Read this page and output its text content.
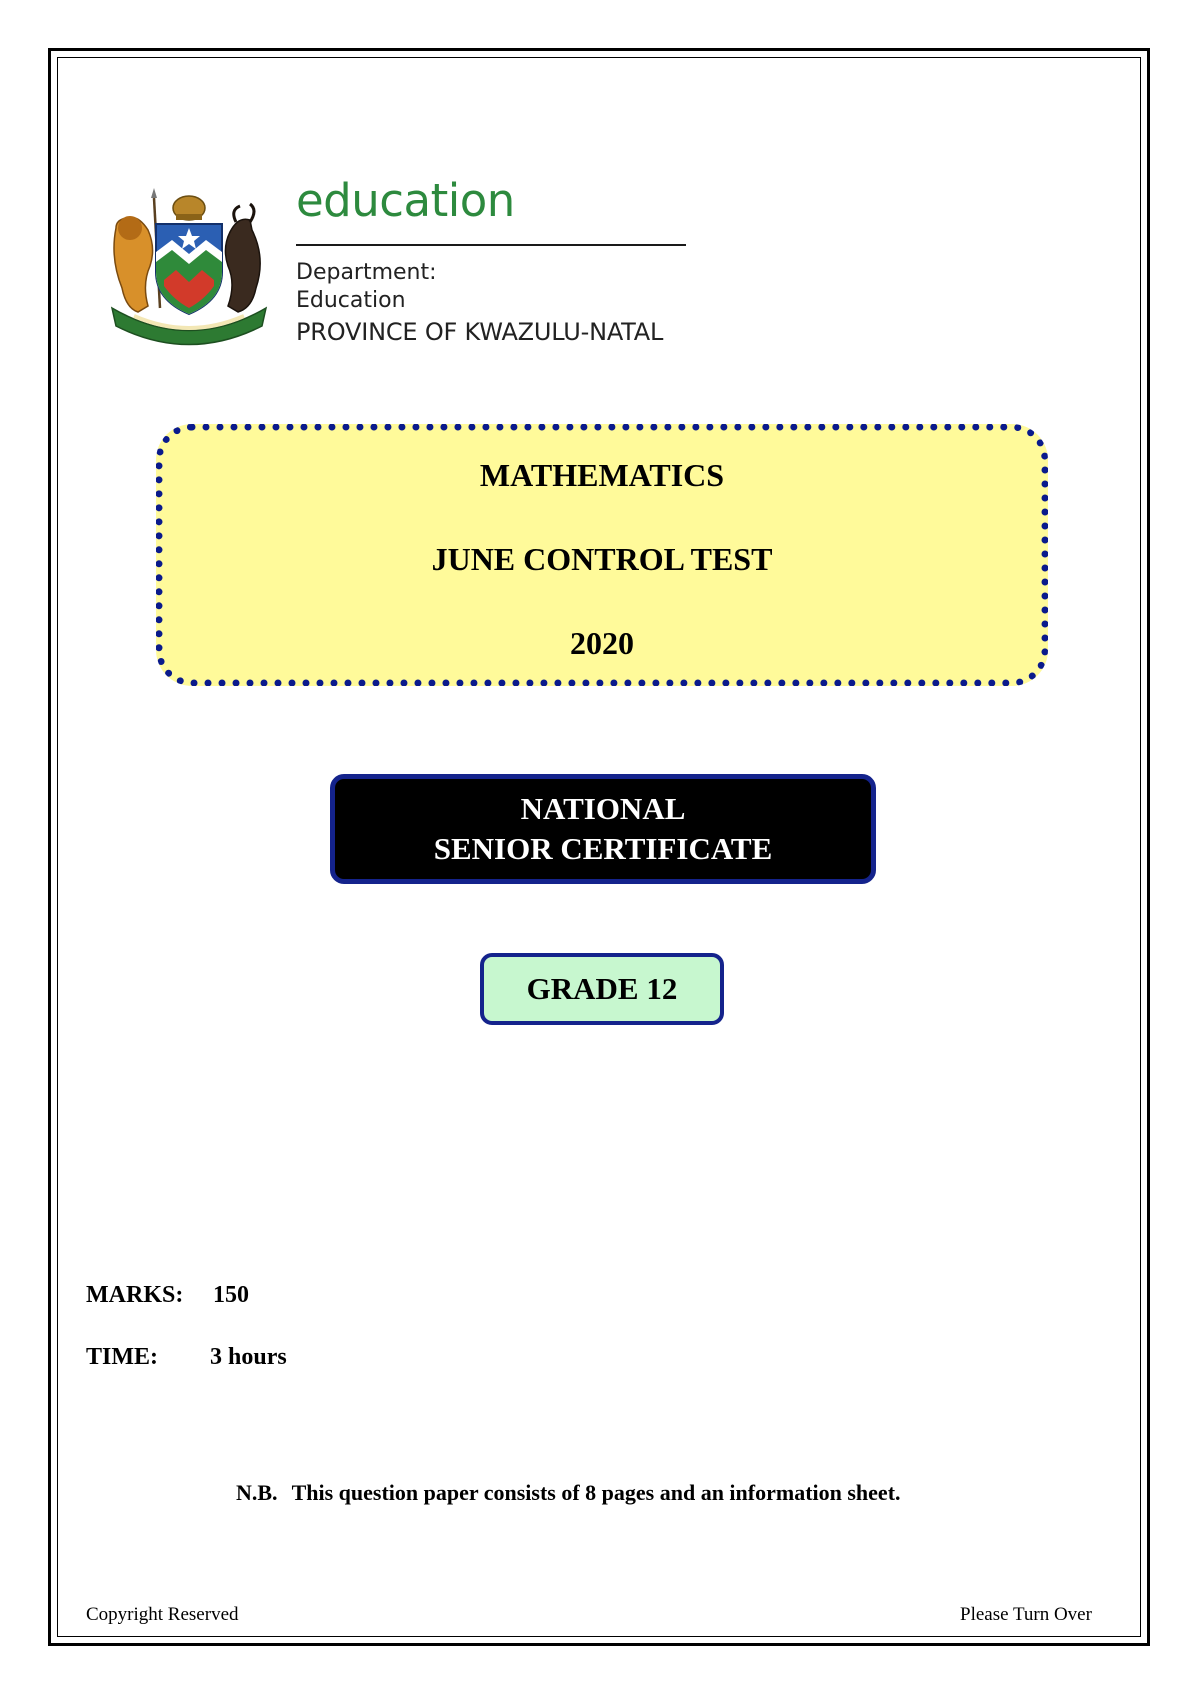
education
Department:
Education
PROVINCE OF KWAZULU-NATAL
MATHEMATICS
JUNE CONTROL TEST
2020
NATIONAL
SENIOR CERTIFICATE
GRADE 12
MARKS: 150
TIME: 3 hours
N.B. This question paper consists of 8 pages and an information sheet.
Copyright Reserved	Please Turn Over
